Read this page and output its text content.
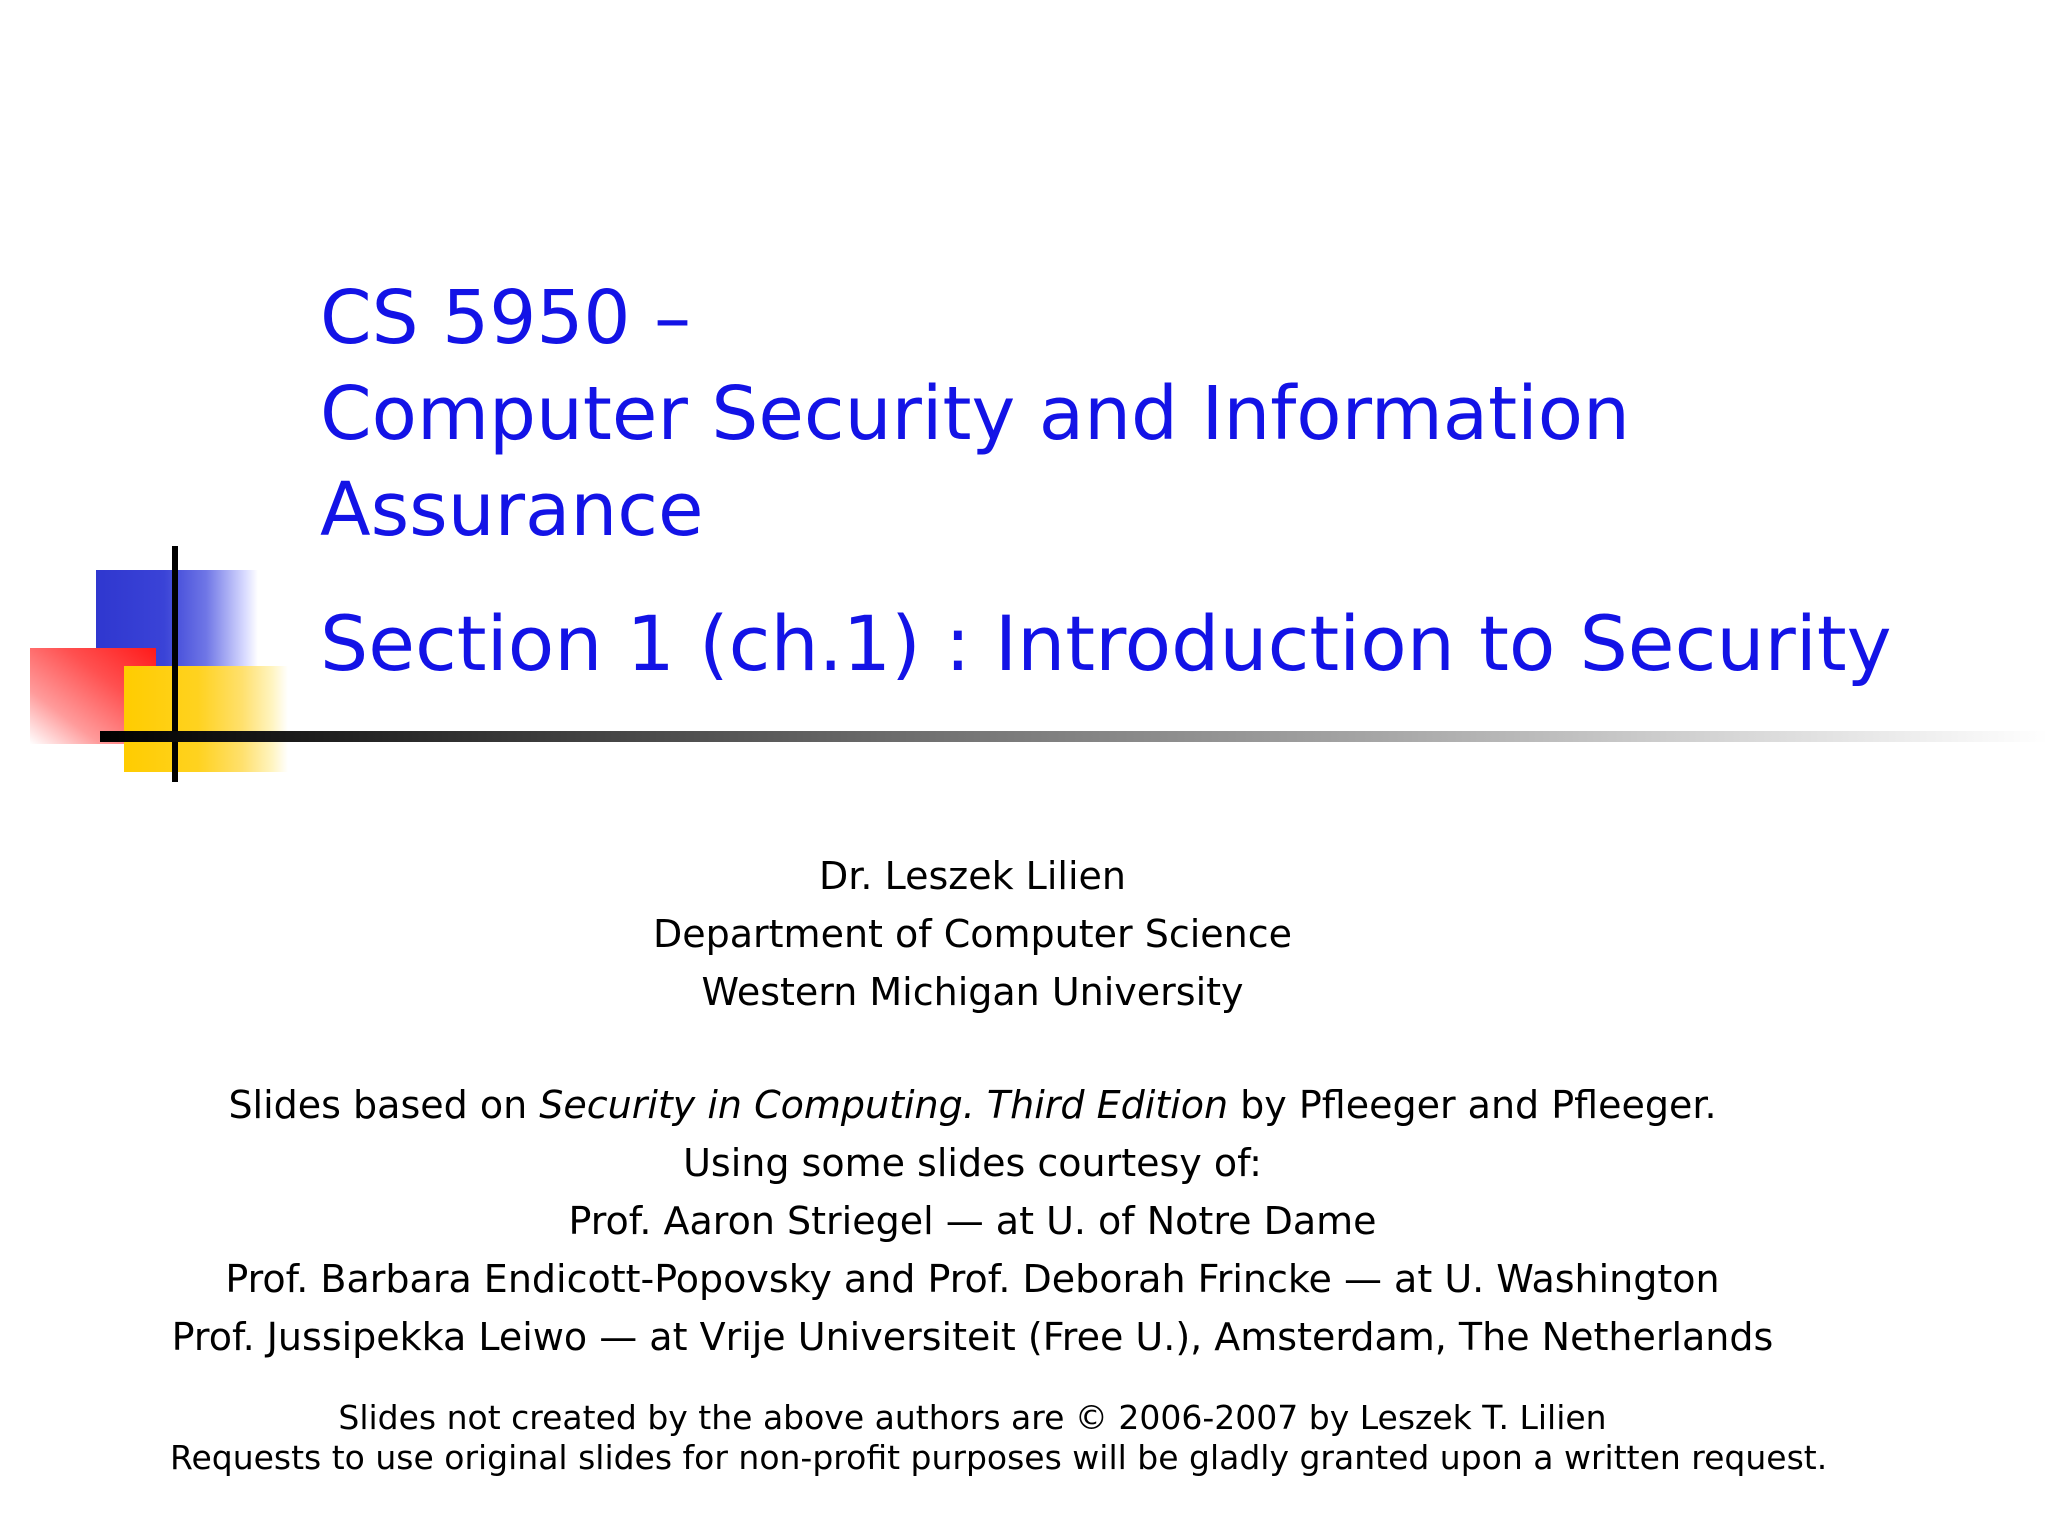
CS 5950 –
Computer Security and Information
Assurance
Section 1 (ch.1) : Introduction to Security
Dr. Leszek Lilien
Department of Computer Science
Western Michigan University
Slides based on Security in Computing. Third Edition by Pfleeger and Pfleeger.
Using some slides courtesy of:
Prof. Aaron Striegel — at U. of Notre Dame
Prof. Barbara Endicott-Popovsky and Prof. Deborah Frincke — at U. Washington
Prof. Jussipekka Leiwo — at Vrije Universiteit (Free U.), Amsterdam, The Netherlands
Slides not created by the above authors are © 2006-2007 by Leszek T. Lilien
Requests to use original slides for non-profit purposes will be gladly granted upon a written request.
